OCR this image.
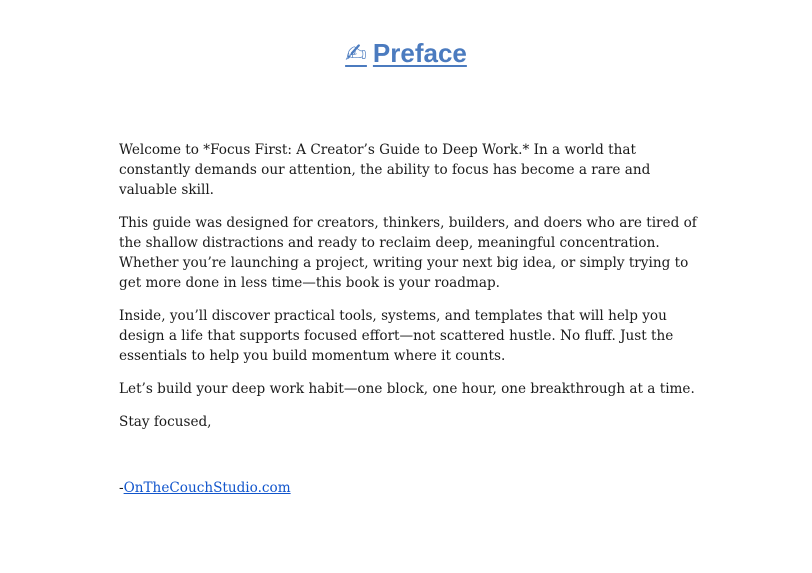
✍ Preface

Welcome to *Focus First: A Creator’s Guide to Deep Work.* In a world that constantly demands our attention, the ability to focus has become a rare and valuable skill.

This guide was designed for creators, thinkers, builders, and doers who are tired of the shallow distractions and ready to reclaim deep, meaningful concentration. Whether you’re launching a project, writing your next big idea, or simply trying to get more done in less time—this book is your roadmap.

Inside, you’ll discover practical tools, systems, and templates that will help you design a life that supports focused effort—not scattered hustle. No fluff. Just the essentials to help you build momentum where it counts.

Let’s build your deep work habit—one block, one hour, one breakthrough at a time.

Stay focused,

-OnTheCouchStudio.com
